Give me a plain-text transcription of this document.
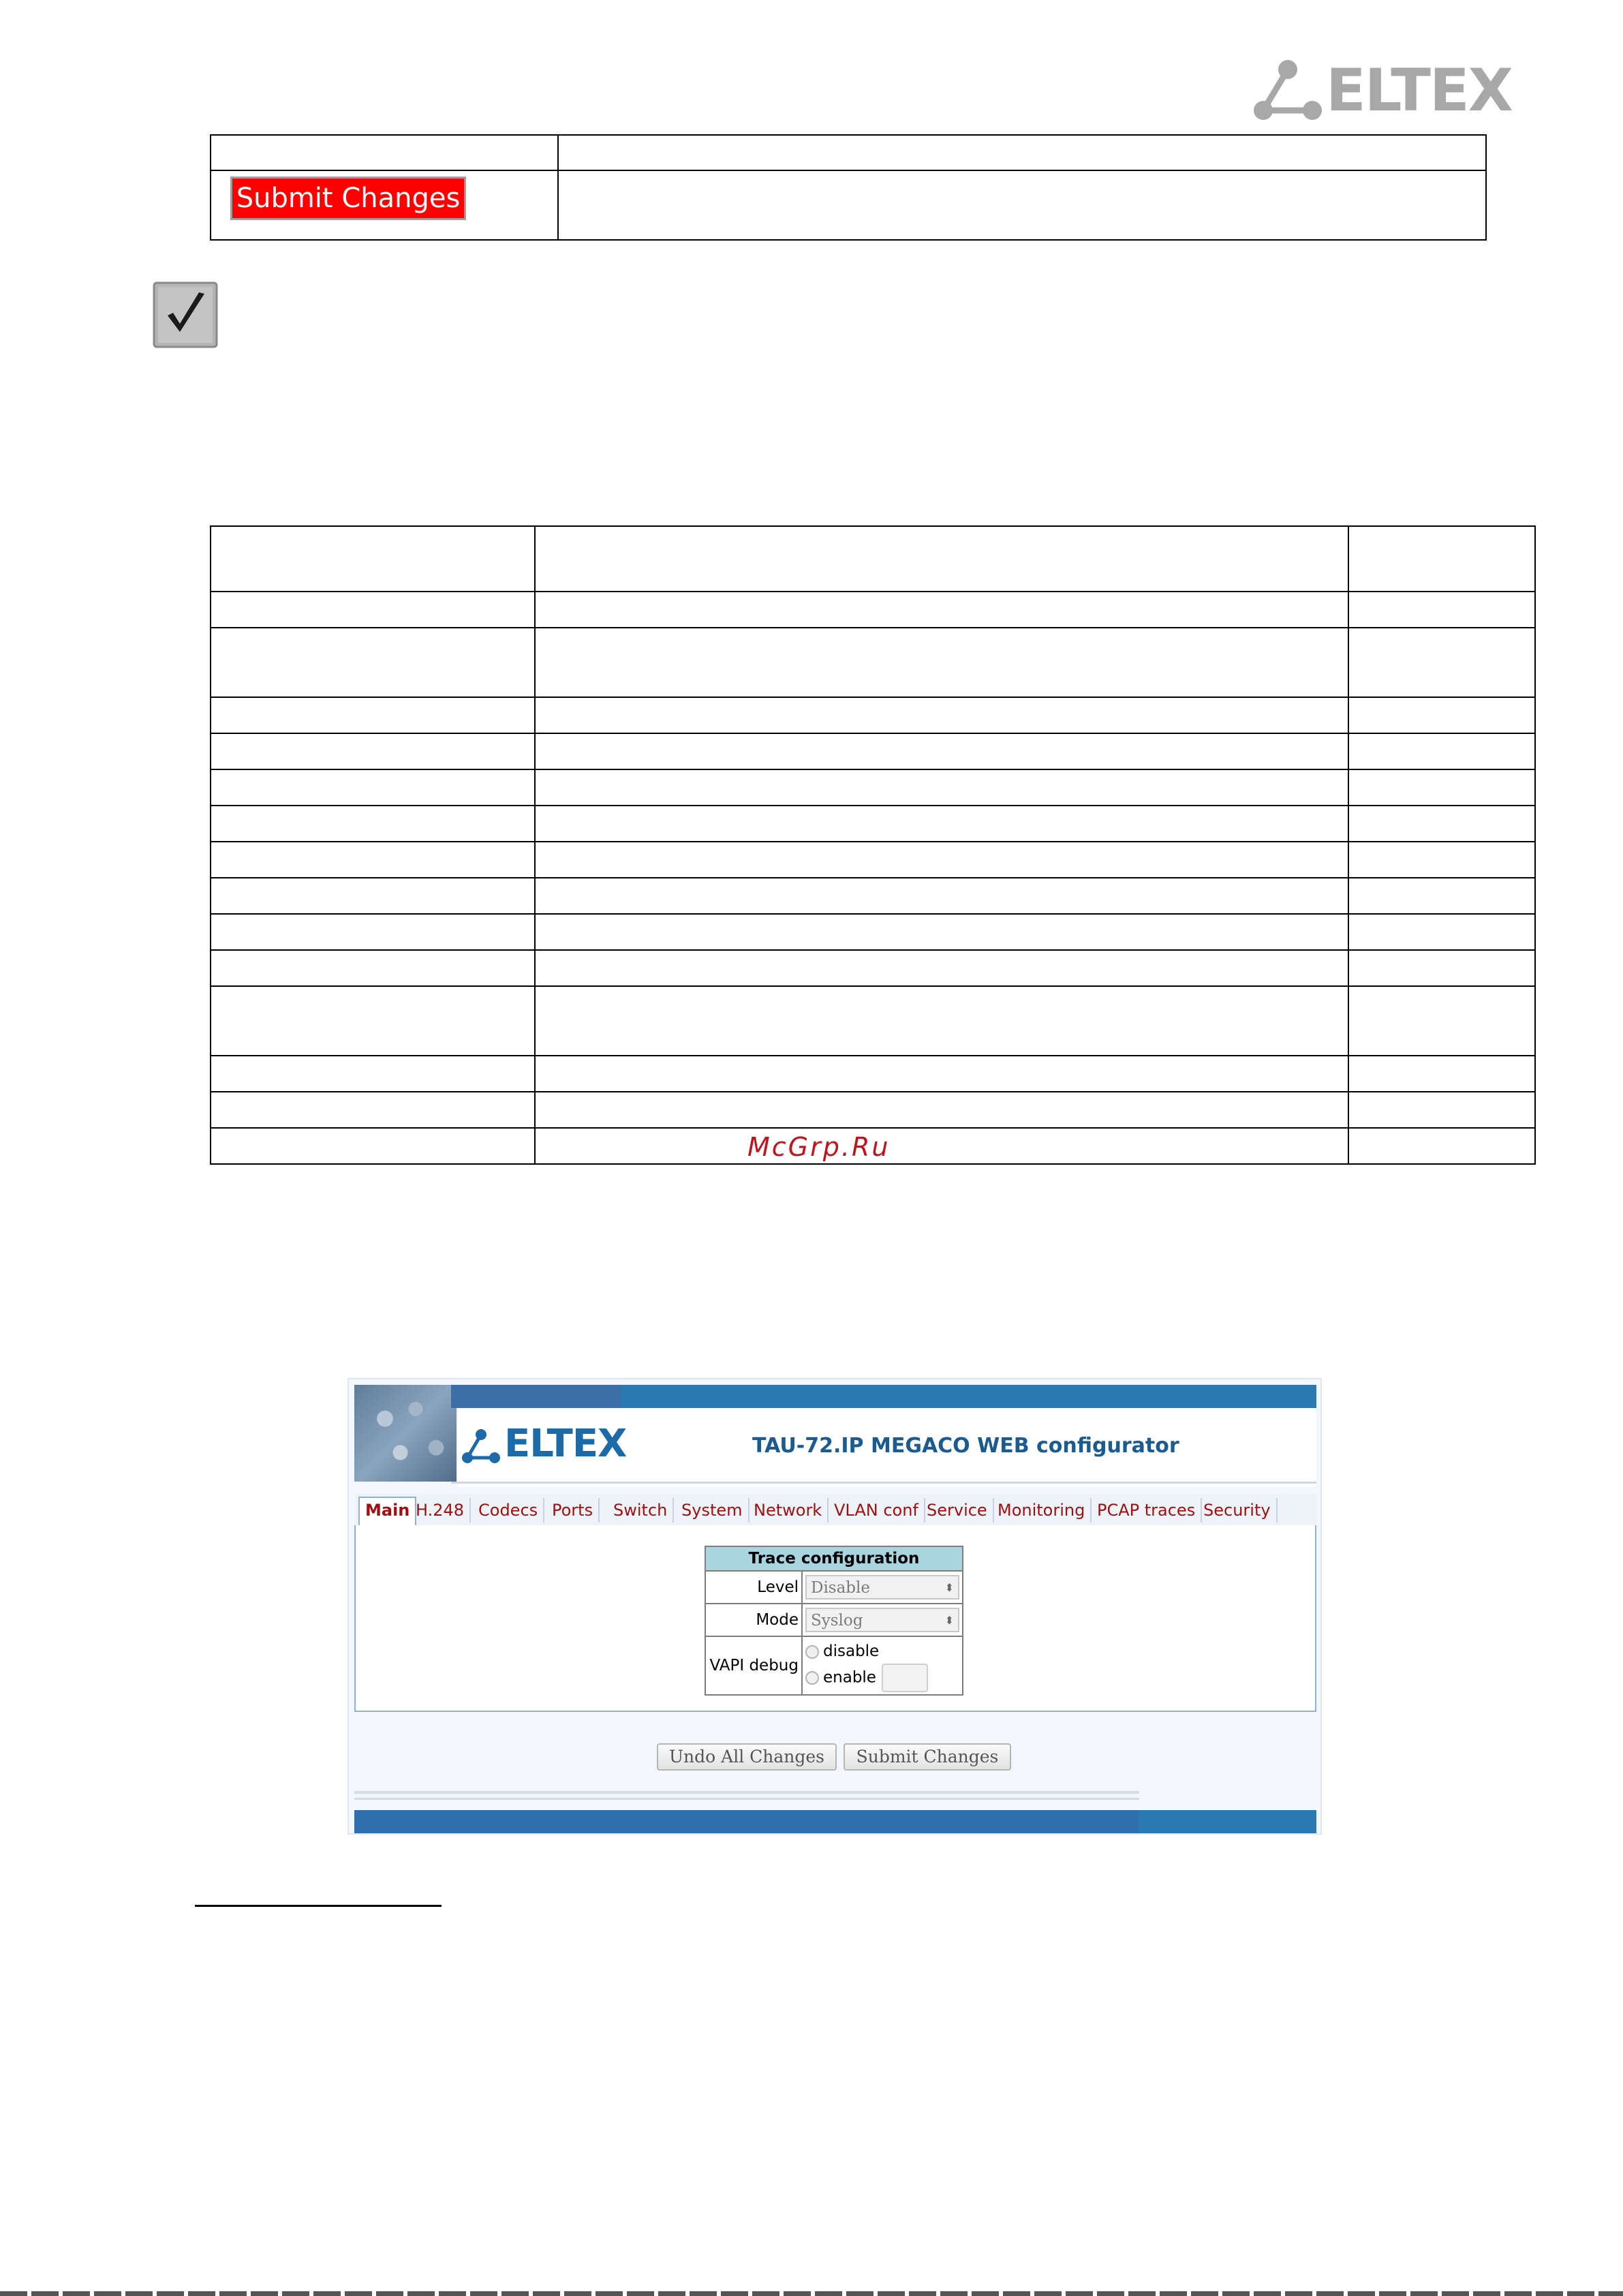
ELTEX

Submit Changes

McGrp.Ru
ELTEX	TAU-72.IP MEGACO WEB configurator
Main H.248 Codecs Ports	Switch System Network VLAN conf Service Monitoring PCAP traces Security
Trace configuration	
Level	Disable ⬍

Mode	Syslog ⬍

VAPI debug	disable
enable
Undo All Changes	Submit Changes
